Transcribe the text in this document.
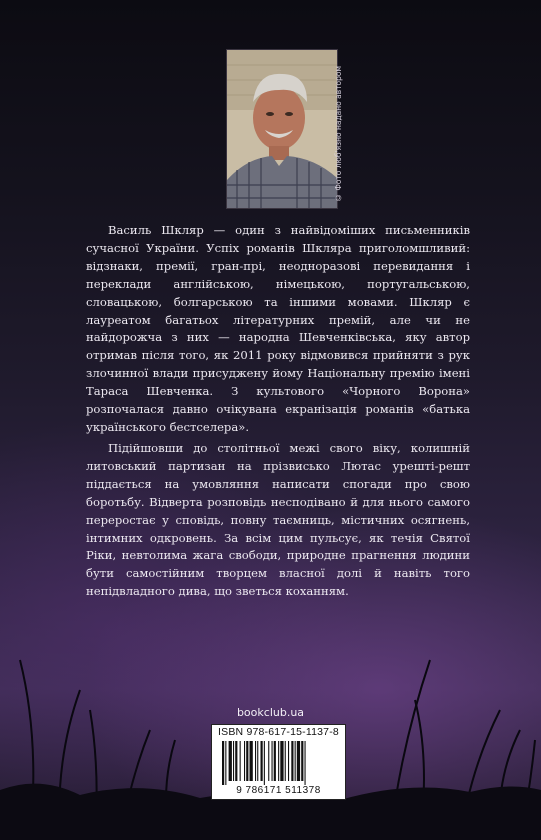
© Фото люб'язно надано автором

Василь Шкляр — один з найвідоміших письменників сучасної України. Успіх романів Шкляра приголомшливий: відзнаки, премії, гран-прі, неодноразові перевидання і переклади англійською, німецькою, португальською, словацькою, болгарською та іншими мовами. Шкляр є лауреатом багатьох літературних премій, але чи не найдорожча з них — народна Шевченківська, яку автор отримав після того, як 2011 року відмовився прийняти з рук злочинної влади присуджену йому Національну премію імені Тараса Шевченка. З культового «Чорного Ворона» розпочалася давно очікувана екранізація романів «батька українського бестселера».

Підійшовши до столітньої межі свого віку, колишній литовський партизан на прізвисько Лютас урешті-решт піддається на умовляння написати спогади про свою боротьбу. Відверта розповідь несподівано й для нього самого переростає у сповідь, повну таємниць, містичних осягнень, інтимних одкровень. За всім цим пульсує, як течія Святої Ріки, невтолима жага свободи, природне прагнення людини бути самостійним творцем власної долі й навіть того непідвладного дива, що зветься коханням.

bookclub.ua
ISBN 978-617-15-1137-8
9 786171 511378
